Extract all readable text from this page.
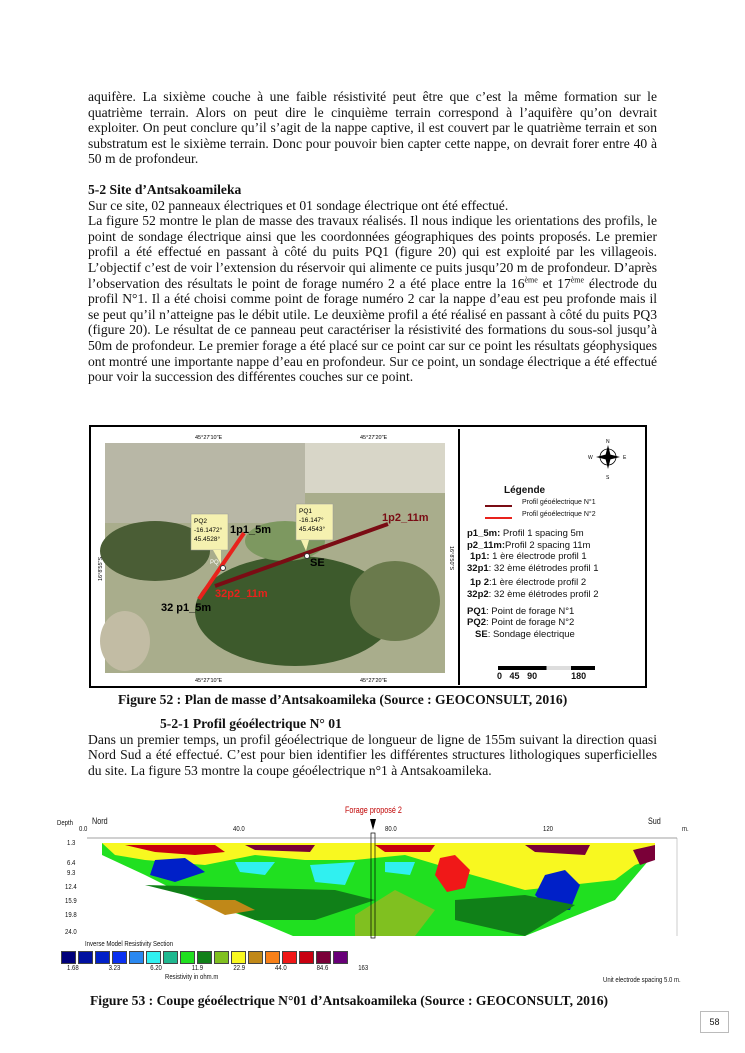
aquifère. La sixième couche à une faible résistivité peut être que c’est la même formation sur le quatrième terrain. Alors on peut dire le cinquième terrain correspond à l’aquifère qu’on devrait exploiter. On peut conclure qu’il s’agit de la nappe captive, il est couvert par le quatrième terrain et son substratum est le sixième terrain. Donc pour pouvoir bien capter cette nappe, on devrait forer entre 40 à 50 m de profondeur.

5-2 Site d’Antsakoamileka

Sur ce site, 02 panneaux électriques et 01 sondage électrique ont été effectué.

La figure 52 montre le plan de masse des travaux réalisés. Il nous indique les orientations des profils, le point de sondage électrique ainsi que les coordonnées géographiques des points proposés. Le premier profil a été effectué en passant à côté du puits PQ1 (figure 20) qui est exploité par les villageois. L’objectif c’est de voir l’extension du réservoir qui alimente ce puits jusqu’20 m de profondeur. D’après l’observation des résultats le point de forage numéro 2 a été place entre la 16ème et 17ème électrode du profil N°1. Il a été choisi comme point de forage numéro 2 car la nappe d’eau est peu profonde mais il se peut qu’il n’atteigne pas le débit utile. Le deuxième profil a été réalisé en passant à côté du puits PQ3 (figure 20). Le résultat de ce panneau peut caractériser la résistivité des formations du sous-sol jusqu’à 50m de profondeur. Le premier forage a été placé sur ce point car sur ce point les résultats géophysiques ont montré une importante nappe d’eau en profondeur. Sur ce point, un sondage électrique a été effectué pour voir la succession des différentes couches sur ce point.

PQ2
-16.1472°
45.4528°
PQ1
-16.147°
45.4543°
1p1_5m
1p2_11m
32 p1_5m
32p2_11m
SE
PQ
45°27'10"E	45°27'20"E
45°27'10"E	45°27'20"E
16°8'55"S	16°8'50"S
N
S
W	E
Légende
Profil géoélectrique N°1
Profil géoélectrique N°2
p1_5m: Profil 1 spacing 5m
p2_11m:Profil 2 spacing 11m
1p1: 1 ère électrode profil 1
32p1: 32 ème élétrodes profil 1
1p 2:1 ère électrode profil 2
32p2: 32 ème élétrodes profil 2
PQ1: Point de forage N°1
PQ2: Point de forage N°2
SE: Sondage électrique
0 45 90	180
Figure 52 : Plan de masse d’Antsakoamileka (Source : GEOCONSULT, 2016)

5-2-1 Profil géoélectrique N° 01

Dans un premier temps, un profil géoélectrique de longueur de ligne de 155m suivant la direction quasi Nord Sud a été effectué. C’est pour bien identifier les différentes structures lithologiques superficielles du site. La figure 53 montre la coupe géoélectrique n°1 à Antsakoamileka.

Forage proposé 2
Depth Nord	Sud
m.
0.0	40.0	80.0	120
1.3
6.4
9.3
12.4
15.9
19.8
24.0
Inverse Model Resistivity Section
1.68	3.23	6.20	11.9	22.9	44.0	84.6	163
Resistivity in ohm.m	Unit electrode spacing 5.0 m.
Figure 53 : Coupe géoélectrique N°01 d’Antsakoamileka (Source : GEOCONSULT, 2016)
58
